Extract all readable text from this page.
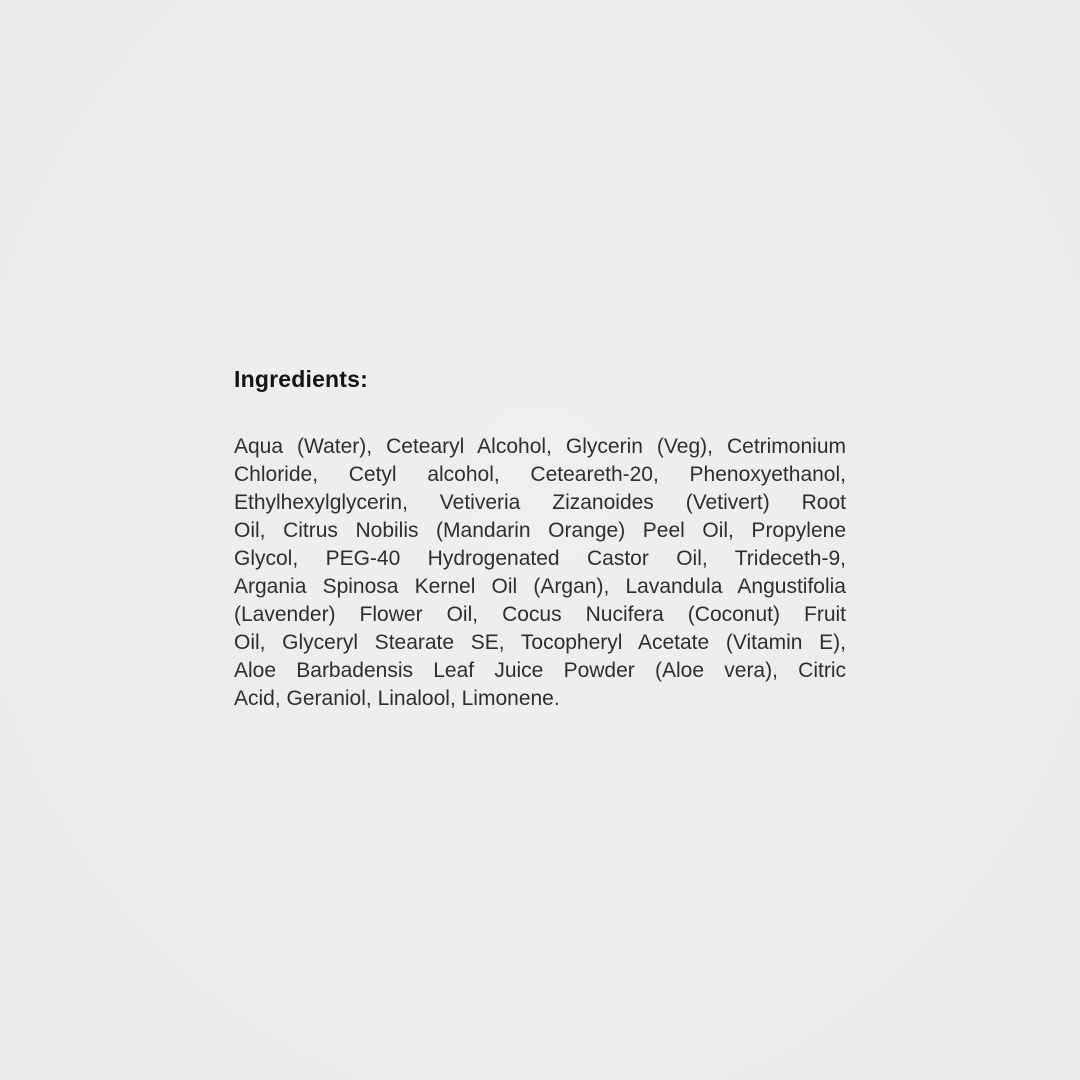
Ingredients:
Aqua (Water), Cetearyl Alcohol, Glycerin (Veg), Cetrimonium
Chloride, Cetyl alcohol, Ceteareth-20, Phenoxyethanol,
Ethylhexylglycerin, Vetiveria Zizanoides (Vetivert) Root
Oil, Citrus Nobilis (Mandarin Orange) Peel Oil, Propylene
Glycol, PEG-40 Hydrogenated Castor Oil, Trideceth-9,
Argania Spinosa Kernel Oil (Argan), Lavandula Angustifolia
(Lavender) Flower Oil, Cocus Nucifera (Coconut) Fruit
Oil, Glyceryl Stearate SE, Tocopheryl Acetate (Vitamin E),
Aloe Barbadensis Leaf Juice Powder (Aloe vera), Citric
Acid, Geraniol, Linalool, Limonene.
